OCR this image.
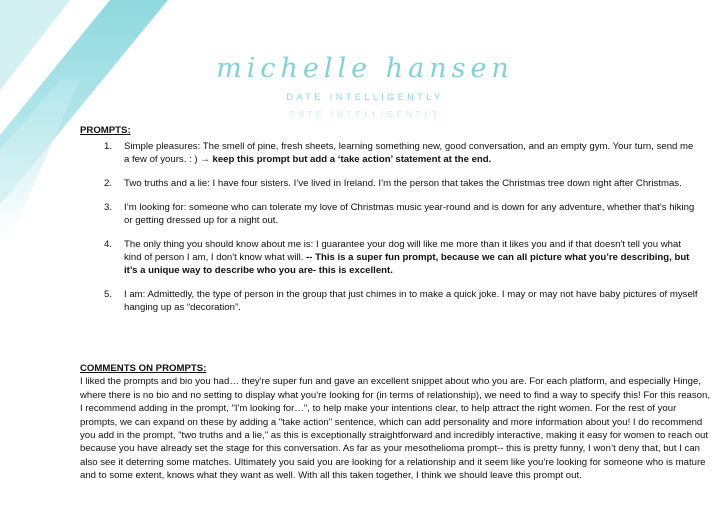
michelle hansen
DATE INTELLIGENTLY
DATE INTELLIGENTLY

PROMPTS:

1. Simple pleasures: The smell of pine, fresh sheets, learning something new, good conversation, and an empty gym. Your turn, send me a few of yours. : ) → keep this prompt but add a ‘take action’ statement at the end.
2. Two truths and a lie: I have four sisters. I’ve lived in Ireland. I’m the person that takes the Christmas tree down right after Christmas.
3. I’m looking for: someone who can tolerate my love of Christmas music year-round and is down for any adventure, whether that's hiking or getting dressed up for a night out.
4. The only thing you should know about me is: I guarantee your dog will like me more than it likes you and if that doesn't tell you what kind of person I am, I don't know what will. -- This is a super fun prompt, because we can all picture what you’re describing, but it’s a unique way to describe who you are- this is excellent.
5. I am: Admittedly, the type of person in the group that just chimes in to make a quick joke. I may or may not have baby pictures of myself hanging up as “decoration”.

COMMENTS ON PROMPTS:

I liked the prompts and bio you had… they're super fun and gave an excellent snippet about who you are. For each platform, and especially Hinge, where there is no bio and no setting to display what you're looking for (in terms of relationship), we need to find a way to specify this! For this reason, I recommend adding in the prompt, "I'm looking for…", to help make your intentions clear, to help attract the right women. For the rest of your prompts, we can expand on these by adding a "take action" sentence, which can add personality and more information about you! I do recommend you add in the prompt, "two truths and a lie," as this is exceptionally straightforward and incredibly interactive, making it easy for women to reach out because you have already set the stage for this conversation. As far as your mesothelioma prompt-- this is pretty funny, I won’t deny that, but I can also see it deterring some matches. Ultimately you said you are looking for a relationship and it seem like you’re looking for someone who is mature and to some extent, knows what they want as well. With all this taken together, I think we should leave this prompt out.
